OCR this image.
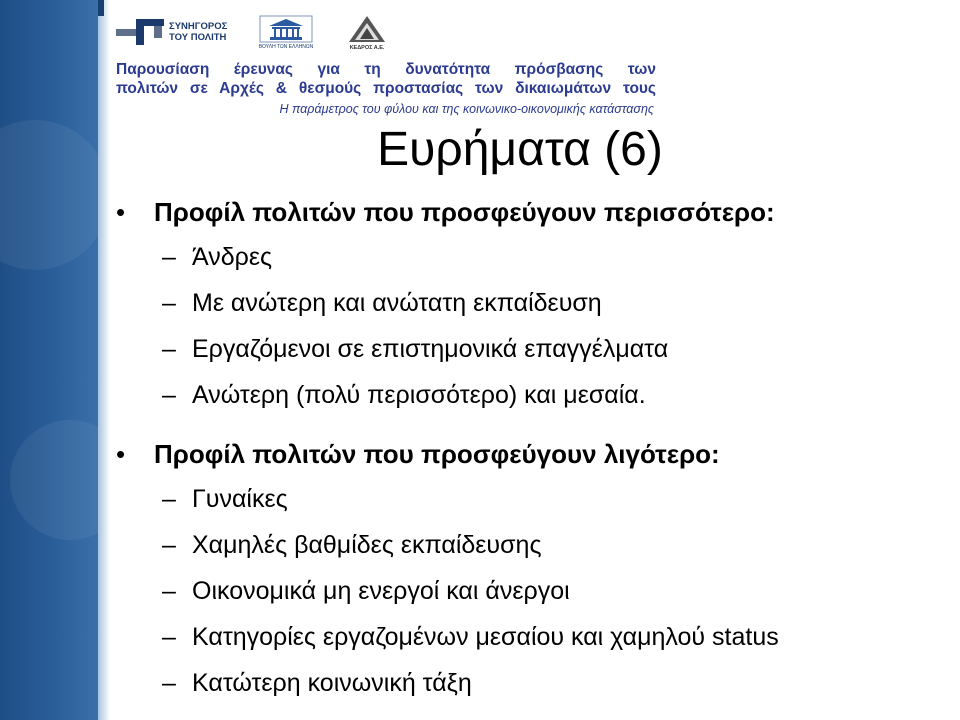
ΣΥΝΗΓΟΡΟΣ
ΤΟΥ ΠΟΛΙΤΗ
ΒΟΥΛΗ ΤΩΝ ΕΛΛΗΝΩΝ	ΚΕΔΡΟΣ Α.Ε.
Παρουσίαση έρευνας για τη δυνατότητα πρόσβασης των
πολιτών σε Αρχές & θεσμούς προστασίας των δικαιωμάτων τους
Η παράμετρος του φύλου και της κοινωνικο-οικονομικής κατάστασης
Ευρήματα (6)
•	Προφίλ πολιτών που προσφεύγουν περισσότερο:
– Άνδρες
– Με ανώτερη και ανώτατη εκπαίδευση
– Εργαζόμενοι σε επιστημονικά επαγγέλματα
– Ανώτερη (πολύ περισσότερο) και μεσαία.
•	Προφίλ πολιτών που προσφεύγουν λιγότερο:
– Γυναίκες
– Χαμηλές βαθμίδες εκπαίδευσης
– Οικονομικά μη ενεργοί και άνεργοι
– Κατηγορίες εργαζομένων μεσαίου και χαμηλού status
– Κατώτερη κοινωνική τάξη
